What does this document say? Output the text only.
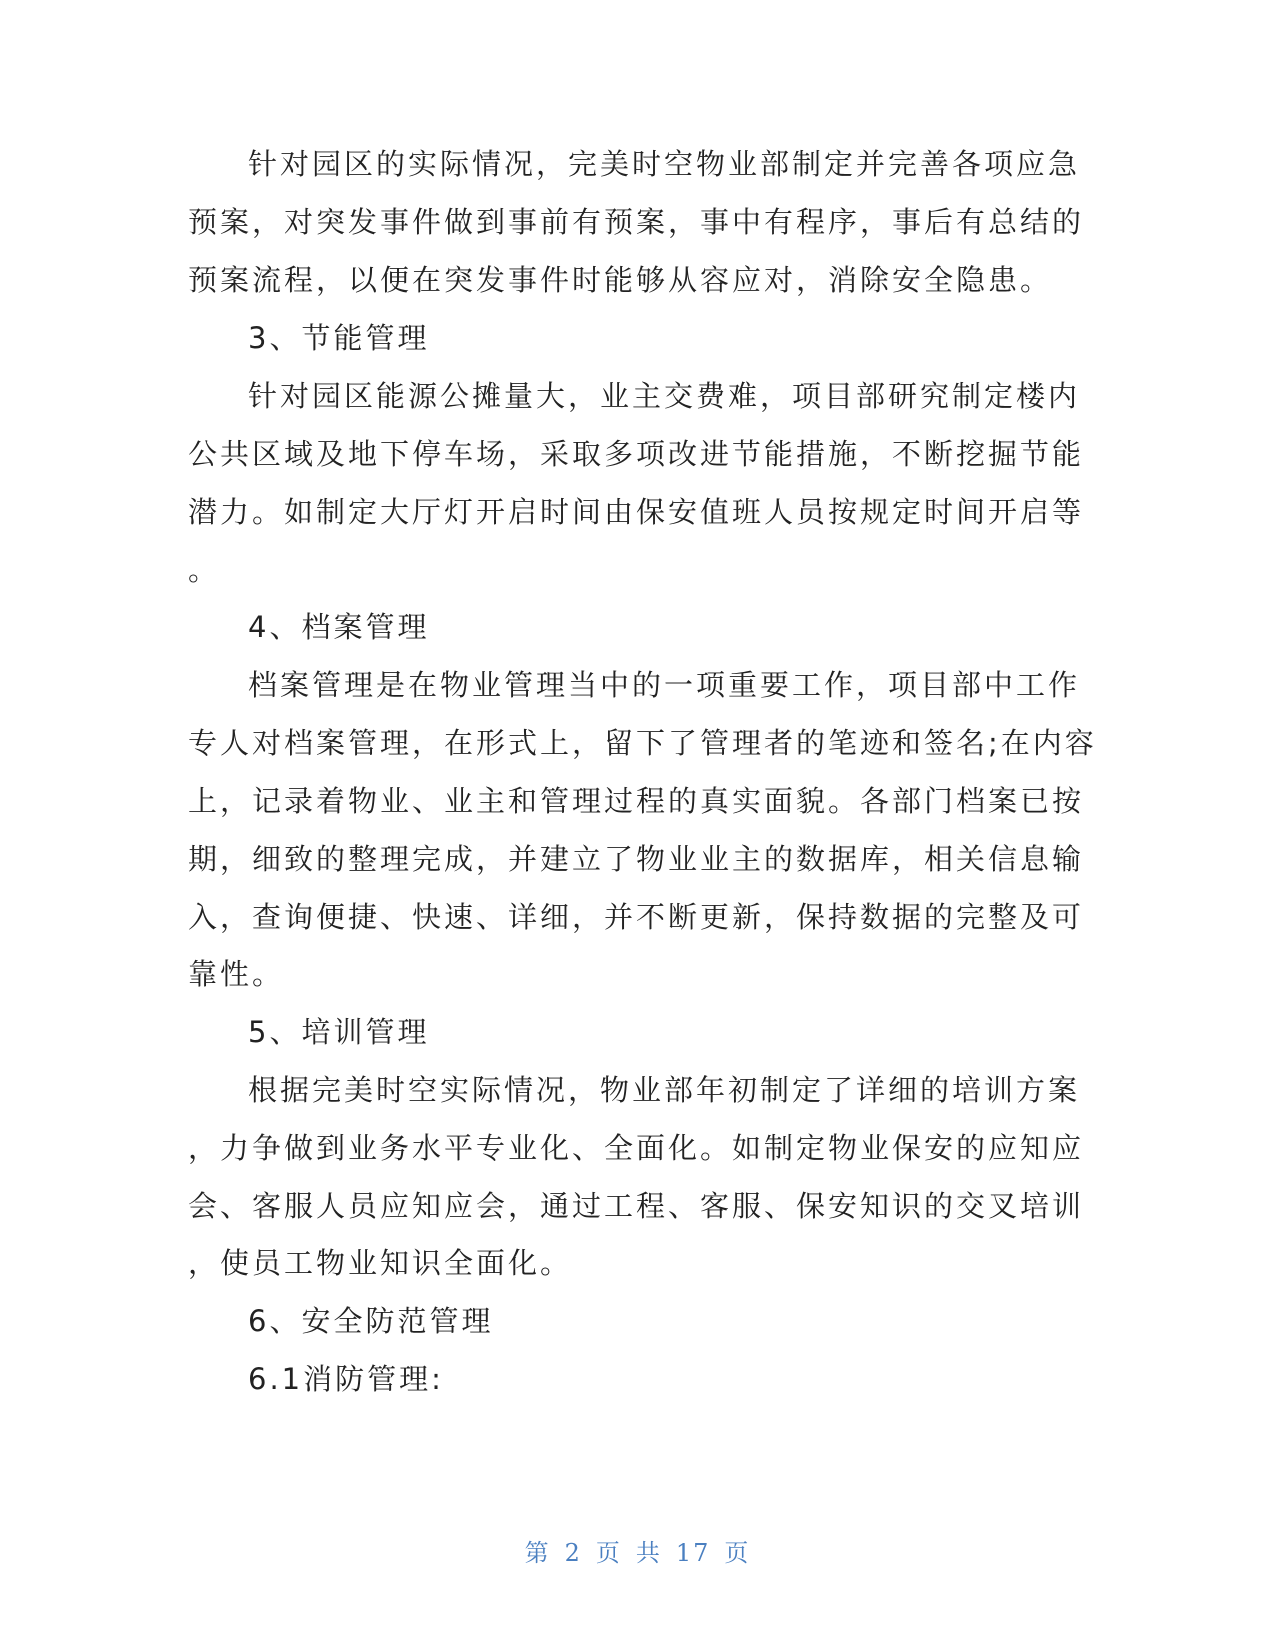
针对园区的实际情况，完美时空物业部制定并完善各项应急
预案，对突发事件做到事前有预案，事中有程序，事后有总结的
预案流程，以便在突发事件时能够从容应对，消除安全隐患。
3、节能管理
针对园区能源公摊量大，业主交费难，项目部研究制定楼内
公共区域及地下停车场，采取多项改进节能措施，不断挖掘节能
潜力。如制定大厅灯开启时间由保安值班人员按规定时间开启等
。
4、档案管理
档案管理是在物业管理当中的一项重要工作，项目部中工作
专人对档案管理，在形式上，留下了管理者的笔迹和签名;在内容
上，记录着物业、业主和管理过程的真实面貌。各部门档案已按
期，细致的整理完成，并建立了物业业主的数据库，相关信息输
入，查询便捷、快速、详细，并不断更新，保持数据的完整及可
靠性。
5、培训管理
根据完美时空实际情况，物业部年初制定了详细的培训方案
，力争做到业务水平专业化、全面化。如制定物业保安的应知应
会、客服人员应知应会，通过工程、客服、保安知识的交叉培训
，使员工物业知识全面化。
6、安全防范管理
6.1消防管理:
第 2 页 共 17 页
